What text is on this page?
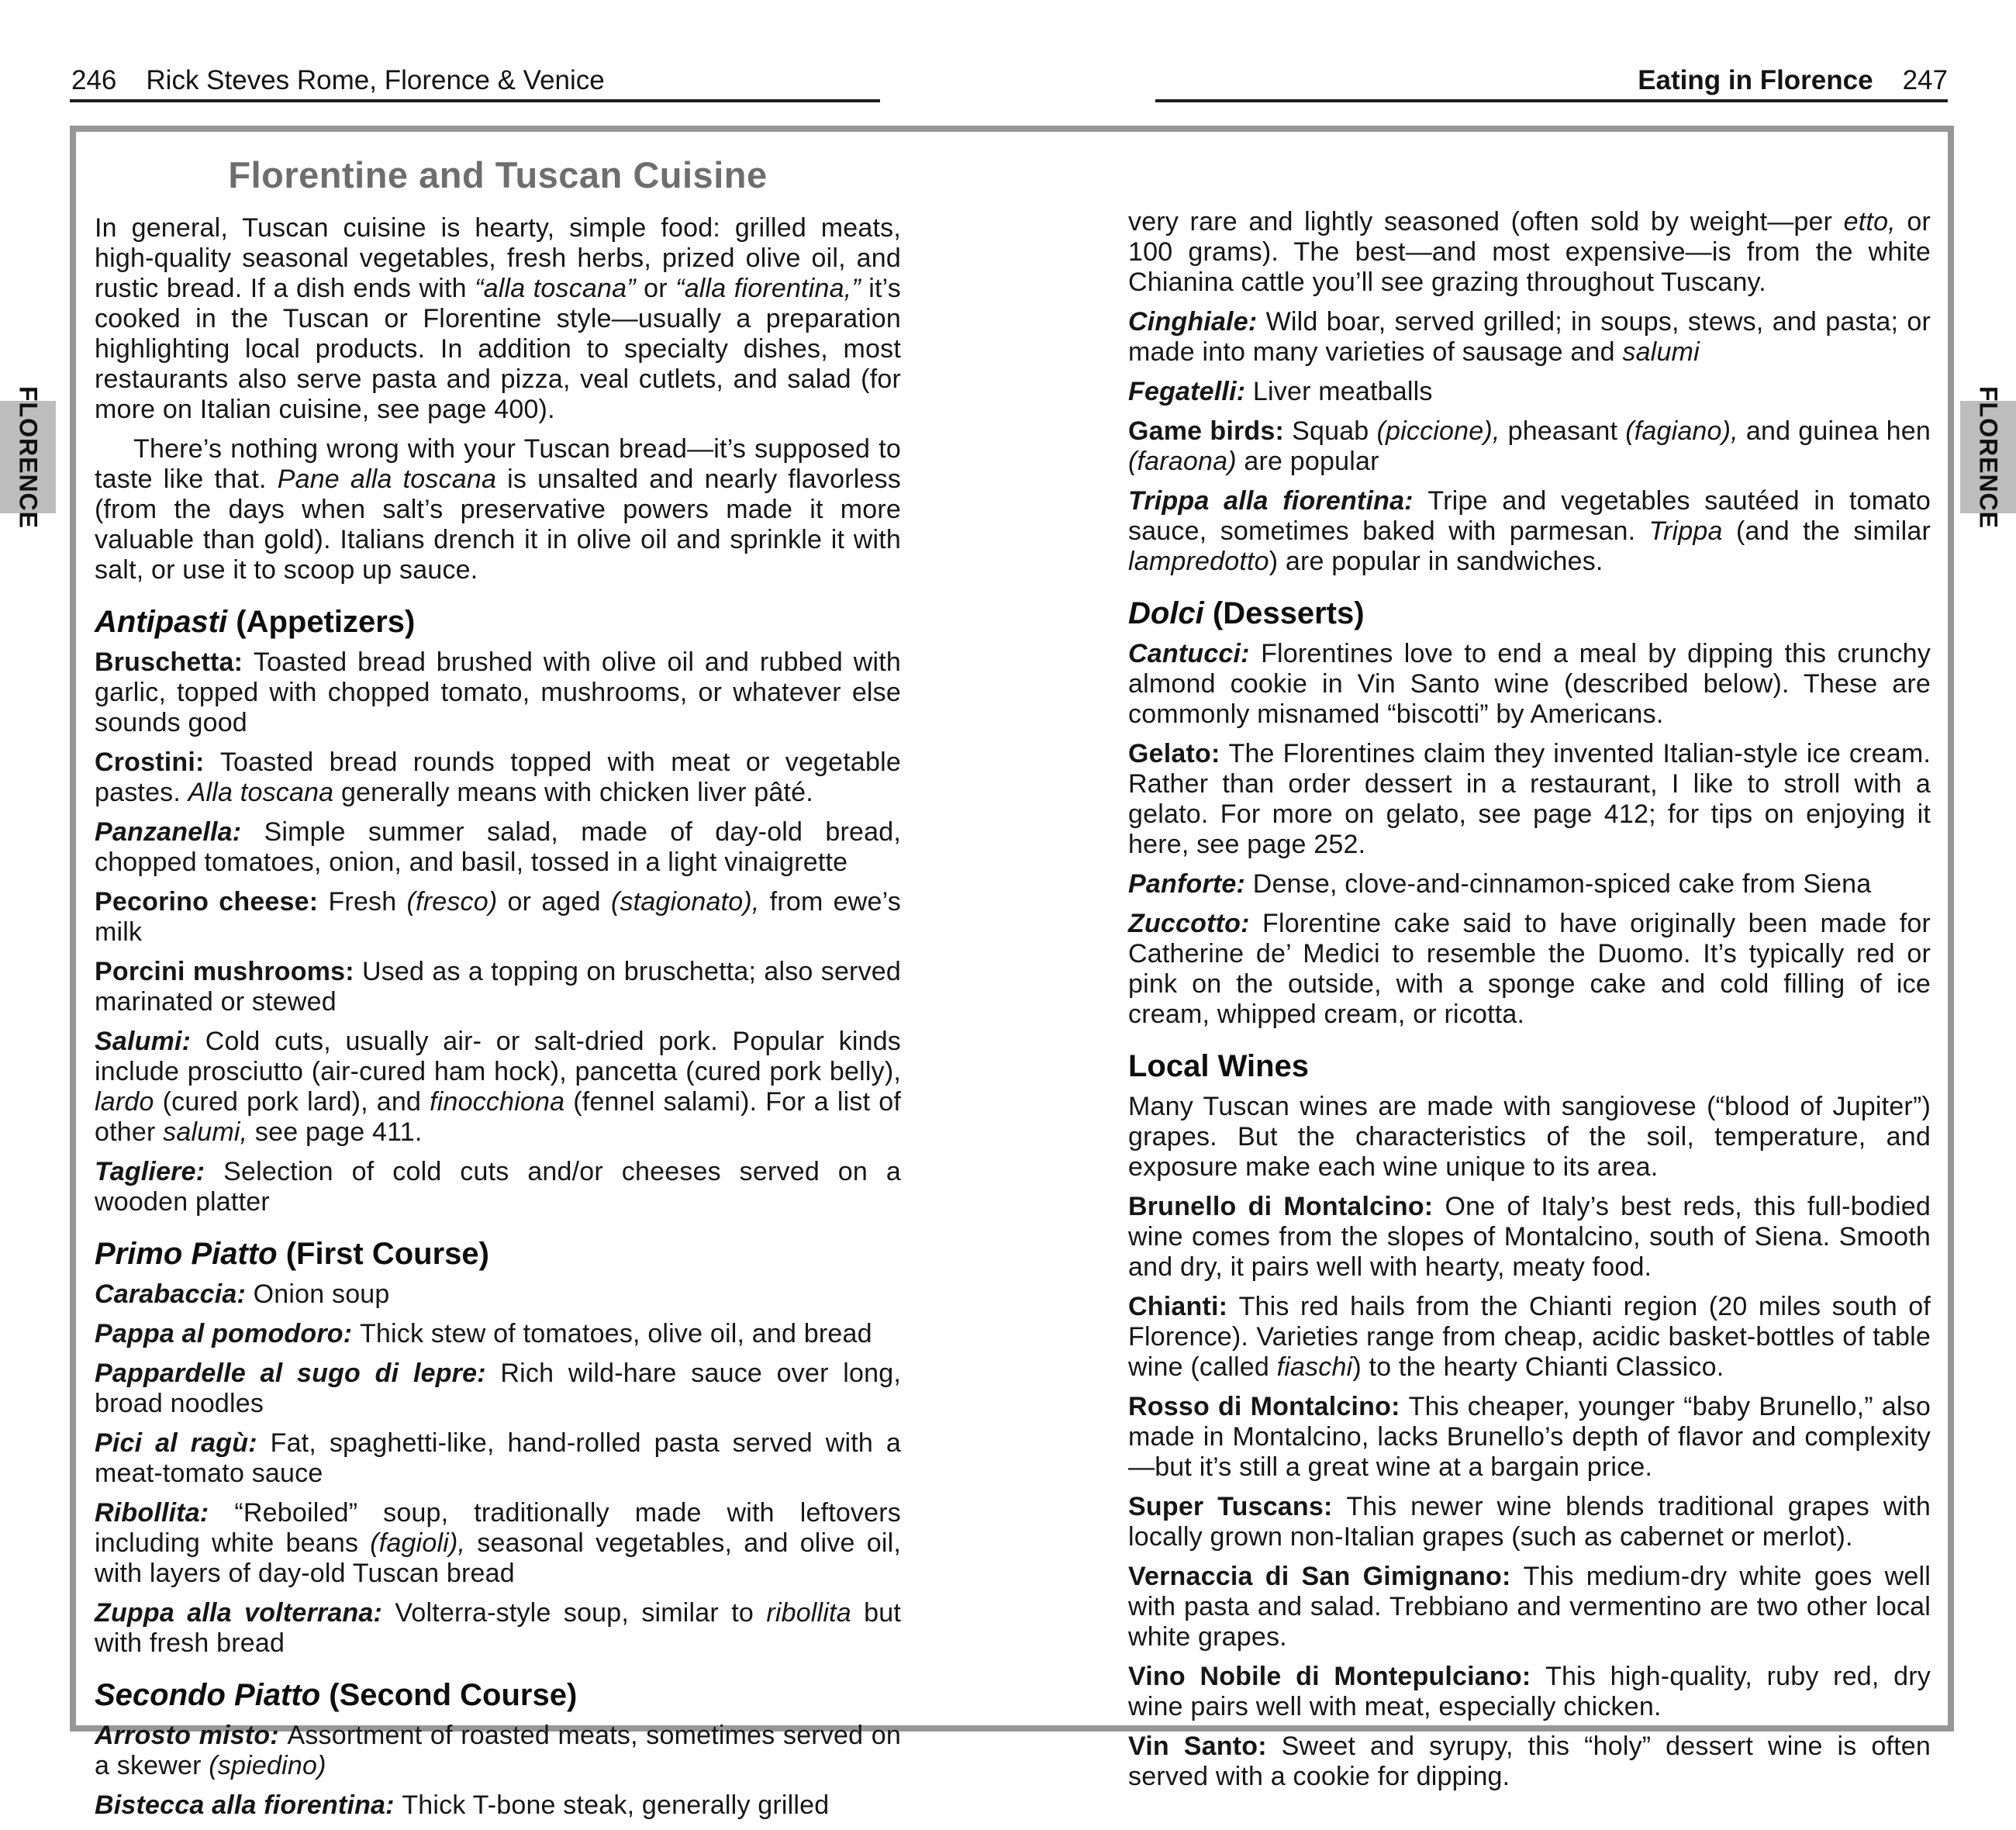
246 Rick Steves Rome, Florence & Venice	Eating in Florence 247
FLORENCE	FLORENCE
Florentine and Tuscan Cuisine

In general, Tuscan cuisine is hearty, simple food: grilled meats, high-quality seasonal vegetables, fresh herbs, prized olive oil, and rustic bread. If a dish ends with “alla toscana” or “alla fiorentina,” it’s cooked in the Tuscan or Florentine style—usually a preparation highlighting local products. In addition to specialty dishes, most restaurants also serve pasta and pizza, veal cutlets, and salad (for more on Italian cuisine, see page 400).

There’s nothing wrong with your Tuscan bread—it’s supposed to taste like that. Pane alla toscana is unsalted and nearly flavorless (from the days when salt’s preservative powers made it more valuable than gold). Italians drench it in olive oil and sprinkle it with salt, or use it to scoop up sauce.

Antipasti (Appetizers)

Bruschetta: Toasted bread brushed with olive oil and rubbed with garlic, topped with chopped tomato, mushrooms, or whatever else sounds good

Crostini: Toasted bread rounds topped with meat or vegetable pastes. Alla toscana generally means with chicken liver pâté.

Panzanella: Simple summer salad, made of day-old bread, chopped tomatoes, onion, and basil, tossed in a light vinaigrette

Pecorino cheese: Fresh (fresco) or aged (stagionato), from ewe’s milk

Porcini mushrooms: Used as a topping on bruschetta; also served marinated or stewed

Salumi: Cold cuts, usually air- or salt-dried pork. Popular kinds include prosciutto (air-cured ham hock), pancetta (cured pork belly), lardo (cured pork lard), and finocchiona (fennel salami). For a list of other salumi, see page 411.

Tagliere: Selection of cold cuts and/or cheeses served on a wooden platter

Primo Piatto (First Course)

Carabaccia: Onion soup

Pappa al pomodoro: Thick stew of tomatoes, olive oil, and bread

Pappardelle al sugo di lepre: Rich wild-hare sauce over long, broad noodles

Pici al ragù: Fat, spaghetti-like, hand-rolled pasta served with a meat-tomato sauce

Ribollita: “Reboiled” soup, traditionally made with leftovers including white beans (fagioli), seasonal vegetables, and olive oil, with layers of day-old Tuscan bread

Zuppa alla volterrana: Volterra-style soup, similar to ribollita but with fresh bread

Secondo Piatto (Second Course)

Arrosto misto: Assortment of roasted meats, sometimes served on a skewer (spiedino)

Bistecca alla fiorentina: Thick T-bone steak, generally grilled

very rare and lightly seasoned (often sold by weight—per etto, or 100 grams). The best—and most expensive—is from the white Chianina cattle you’ll see grazing throughout Tuscany.

Cinghiale: Wild boar, served grilled; in soups, stews, and pasta; or made into many varieties of sausage and salumi

Fegatelli: Liver meatballs

Game birds: Squab (piccione), pheasant (fagiano), and guinea hen (faraona) are popular

Trippa alla fiorentina: Tripe and vegetables sautéed in tomato sauce, sometimes baked with parmesan. Trippa (and the similar lampredotto) are popular in sandwiches.

Dolci (Desserts)

Cantucci: Florentines love to end a meal by dipping this crunchy almond cookie in Vin Santo wine (described below). These are commonly misnamed “biscotti” by Americans.

Gelato: The Florentines claim they invented Italian-style ice cream. Rather than order dessert in a restaurant, I like to stroll with a gelato. For more on gelato, see page 412; for tips on enjoying it here, see page 252.

Panforte: Dense, clove-and-cinnamon-spiced cake from Siena

Zuccotto: Florentine cake said to have originally been made for Catherine de’ Medici to resemble the Duomo. It’s typically red or pink on the outside, with a sponge cake and cold filling of ice cream, whipped cream, or ricotta.

Local Wines

Many Tuscan wines are made with sangiovese (“blood of Jupiter”) grapes. But the characteristics of the soil, temperature, and exposure make each wine unique to its area.

Brunello di Montalcino: One of Italy’s best reds, this full-bodied wine comes from the slopes of Montalcino, south of Siena. Smooth and dry, it pairs well with hearty, meaty food.

Chianti: This red hails from the Chianti region (20 miles south of Florence). Varieties range from cheap, acidic basket-bottles of table wine (called fiaschi) to the hearty Chianti Classico.

Rosso di Montalcino: This cheaper, younger “baby Brunello,” also made in Montalcino, lacks Brunello’s depth of flavor and complexity—but it’s still a great wine at a bargain price.

Super Tuscans: This newer wine blends traditional grapes with locally grown non-Italian grapes (such as cabernet or merlot).

Vernaccia di San Gimignano: This medium-dry white goes well with pasta and salad. Trebbiano and vermentino are two other local white grapes.

Vino Nobile di Montepulciano: This high-quality, ruby red, dry wine pairs well with meat, especially chicken.

Vin Santo: Sweet and syrupy, this “holy” dessert wine is often served with a cookie for dipping.
